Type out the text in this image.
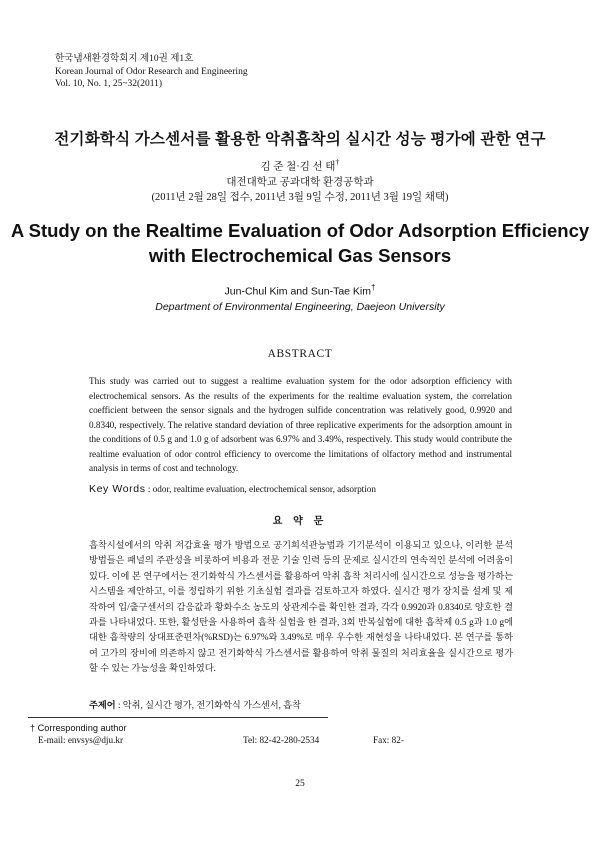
한국냄새환경학회지 제10권 제1호
Korean Journal of Odor Research and Engineering
Vol. 10, No. 1, 25~32(2011)
전기화학식 가스센서를 활용한 악취흡착의 실시간 성능 평가에 관한 연구
김 준 철·김 선 태†
대전대학교 공과대학 환경공학과
(2011년 2월 28일 접수, 2011년 3월 9일 수정, 2011년 3월 19일 채택)
A Study on the Realtime Evaluation of Odor Adsorption Efficiency
with Electrochemical Gas Sensors
Jun-Chul Kim and Sun-Tae Kim†
Department of Environmental Engineering, Daejeon University
ABSTRACT
This study was carried out to suggest a realtime evaluation system for the odor adsorption efficiency with electrochemical sensors. As the results of the experiments for the realtime evaluation system, the correlation coefficient between the sensor signals and the hydrogen sulfide concentration was relatively good, 0.9920 and 0.8340, respectively. The relative standard deviation of three replicative experiments for the adsorption amount in the conditions of 0.5 g and 1.0 g of adsorbent was 6.97% and 3.49%, respectively. This study would contribute the realtime evaluation of odor control efficiency to overcome the limitations of olfactory method and instrumental analysis in terms of cost and technology.
Key Words : odor, realtime evaluation, electrochemical sensor, adsorption
요 약 문
흡착시설에서의 악취 저감효율 평가 방법으로 공기희석관능법과 기기분석이 이용되고 있으나, 이러한 분석방법들은 패널의 주관성을 비롯하여 비용과 전문 기술 인력 등의 문제로 실시간의 연속적인 분석에 어려움이 있다. 이에 본 연구에서는 전기화학식 가스센서를 활용하여 악취 흡착 처리시에 실시간으로 성능을 평가하는 시스템을 제안하고, 이를 정립하기 위한 기초실험 결과를 검토하고자 하였다. 실시간 평가 장치를 설계 및 제작하여 입/출구센서의 감응값과 황화수소 농도의 상관계수를 확인한 결과, 각각 0.9920과 0.8340로 양호한 결과를 나타내었다. 또한, 활성탄을 사용하여 흡착 실험을 한 결과, 3회 반복실험에 대한 흡착제 0.5 g과 1.0 g에 대한 흡착량의 상대표준편차(%RSD)는 6.97%와 3.49%로 매우 우수한 재현성을 나타내었다. 본 연구를 통하여 고가의 장비에 의존하지 않고 전기화학식 가스센서를 활용하여 악취 물질의 처리효율을 실시간으로 평가할 수 있는 가능성을 확인하였다.
주제어 : 악취, 실시간 평가, 전기화학식 가스센서, 흡착
† Corresponding author
E-mail: envsys@dju.kr	Tel: 82-42-280-2534	Fax: 82-
25
